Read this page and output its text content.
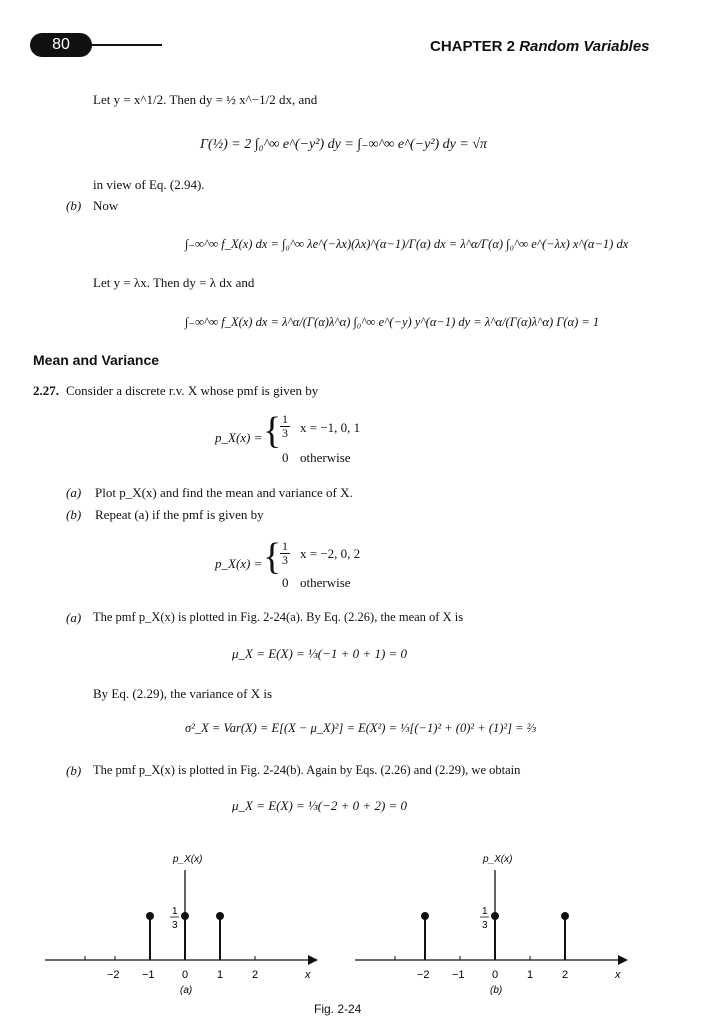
80	CHAPTER 2 Random Variables
Let y = x^1/2. Then dy = ½ x^−1/2 dx, and
Γ(½) = 2 ∫₀^∞ e^(−y²) dy = ∫₋∞^∞ e^(−y²) dy = √π
in view of Eq. (2.94).
(b) Now
∫₋∞^∞ f_X(x) dx = ∫₀^∞ λe^(−λx)(λx)^(α−1)/Γ(α) dx = λ^α/Γ(α) ∫₀^∞ e^(−λx) x^(α−1) dx
Let y = λx. Then dy = λ dx and
∫₋∞^∞ f_X(x) dx = λ^α/(Γ(α)λ^α) ∫₀^∞ e^(−y) y^(α−1) dy = λ^α/(Γ(α)λ^α) Γ(α) = 1
Mean and Variance
2.27. Consider a discrete r.v. X whose pmf is given by
p_X(x) = {
$\frac{1}{3}$ x = −1, 0, 1
0 otherwise
(a) Plot p_X(x) and find the mean and variance of X.
(b) Repeat (a) if the pmf is given by
p_X(x) = {
$\frac{1}{3}$ x = −2, 0, 2
0 otherwise
(a) The pmf p_X(x) is plotted in Fig. 2-24(a). By Eq. (2.26), the mean of X is
μ_X = E(X) = ⅓(−1 + 0 + 1) = 0
By Eq. (2.29), the variance of X is
σ²_X = Var(X) = E[(X − μ_X)²] = E(X²) = ⅓[(−1)² + (0)² + (1)²] = ⅔
(b) The pmf p_X(x) is plotted in Fig. 2-24(b). Again by Eqs. (2.26) and (2.29), we obtain
μ_X = E(X) = ⅓(−2 + 0 + 2) = 0
−2 −1 0	1	2
p_X(x)
x
1
3
(a)
−2 −1 0	1	2
p_X(x)
x
1
3
(b)
Fig. 2-24
